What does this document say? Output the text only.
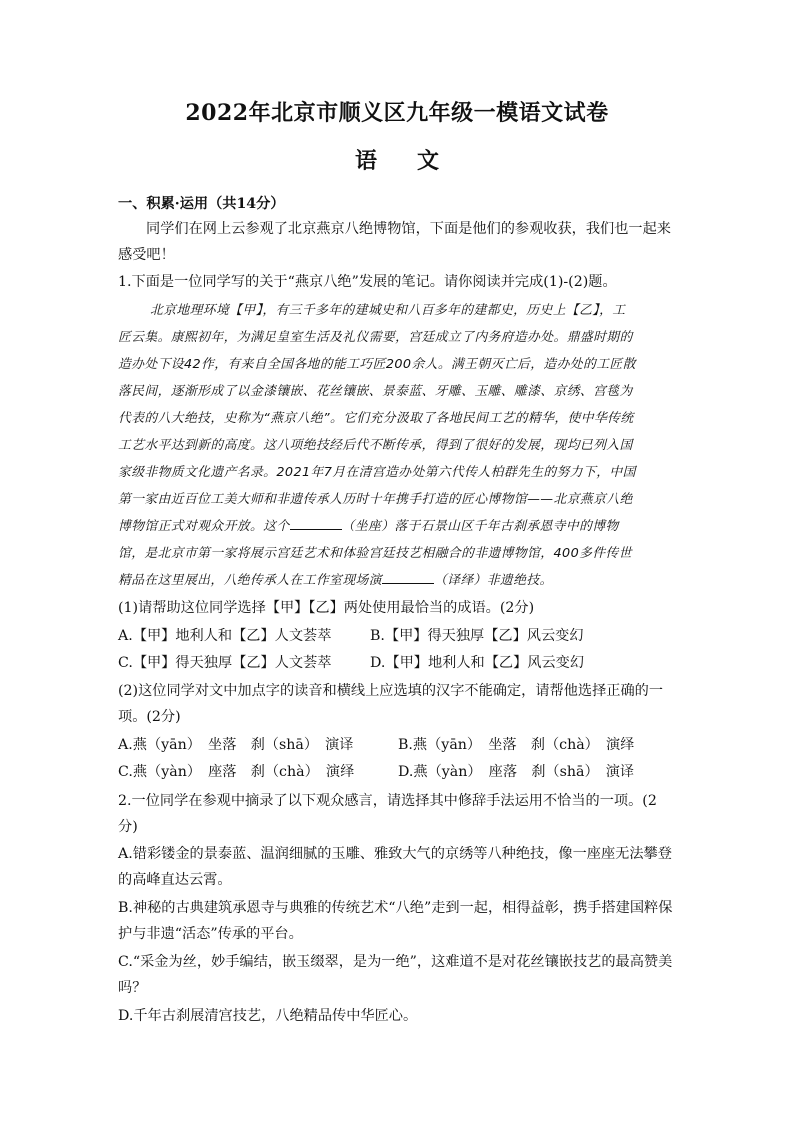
2022年北京市顺义区九年级一模语文试卷
语文
一、积累·运用（共14分）
同学们在网上云参观了北京燕京八绝博物馆，下面是他们的参观收获，我们也一起来
感受吧！
1.下面是一位同学写的关于“燕京八绝”发展的笔记。请你阅读并完成(1)-(2)题。
北京地理环境【甲】，有三千多年的建城史和八百多年的建都史，历史上【乙】，工
匠云集。康熙初年，为满足皇室生活及礼仪需要，宫廷成立了内务府造办处。鼎盛时期的
造办处下设42作，有来自全国各地的能工巧匠200余人。满王朝灭亡后，造办处的工匠散
落民间，逐渐形成了以金漆镶嵌、花丝镶嵌、景泰蓝、牙雕、玉雕、雕漆、京绣、宫毯为
代表的八大绝技，史称为“燕京八绝”。它们充分汲取了各地民间工艺的精华，使中华传统
工艺水平达到新的高度。这八项绝技经后代不断传承，得到了很好的发展，现均已列入国
家级非物质文化遗产名录。2021年7月在清宫造办处第六代传人柏群先生的努力下，中国
第一家由近百位工美大师和非遗传承人历时十年携手打造的匠心博物馆——北京燕京八绝
博物馆正式对观众开放。这个	（坐座）落于石景山区千年古刹承恩寺中的博物
馆，是北京市第一家将展示宫廷艺术和体验宫廷技艺相融合的非遗博物馆，400多件传世
精品在这里展出，八绝传承人在工作室现场演	（译绎）非遗绝技。
(1)请帮助这位同学选择【甲】【乙】两处使用最恰当的成语。(2分)
A.【甲】地利人和【乙】人文荟萃	B.【甲】得天独厚【乙】风云变幻
C.【甲】得天独厚【乙】人文荟萃	D.【甲】地利人和【乙】风云变幻
(2)这位同学对文中加点字的读音和横线上应选填的汉字不能确定，请帮他选择正确的一
项。(2分)
A.燕（yān）　坐落　刹（shā）　演译	B.燕（yān）　坐落　刹（chà）　演绎
C.燕（yàn）　座落　刹（chà）　演绎	D.燕（yàn）　座落　刹（shā）　演译
2.一位同学在参观中摘录了以下观众感言，请选择其中修辞手法运用不恰当的一项。(2
分)
A.错彩镂金的景泰蓝、温润细腻的玉雕、雅致大气的京绣等八种绝技，像一座座无法攀登
的高峰直达云霄。
B.神秘的古典建筑承恩寺与典雅的传统艺术“八绝”走到一起，相得益彰，携手搭建国粹保
护与非遗“活态”传承的平台。
C.“采金为丝，妙手编结，嵌玉缀翠，是为一绝”，这难道不是对花丝镶嵌技艺的最高赞美
吗？
D.千年古刹展清宫技艺，八绝精品传中华匠心。
